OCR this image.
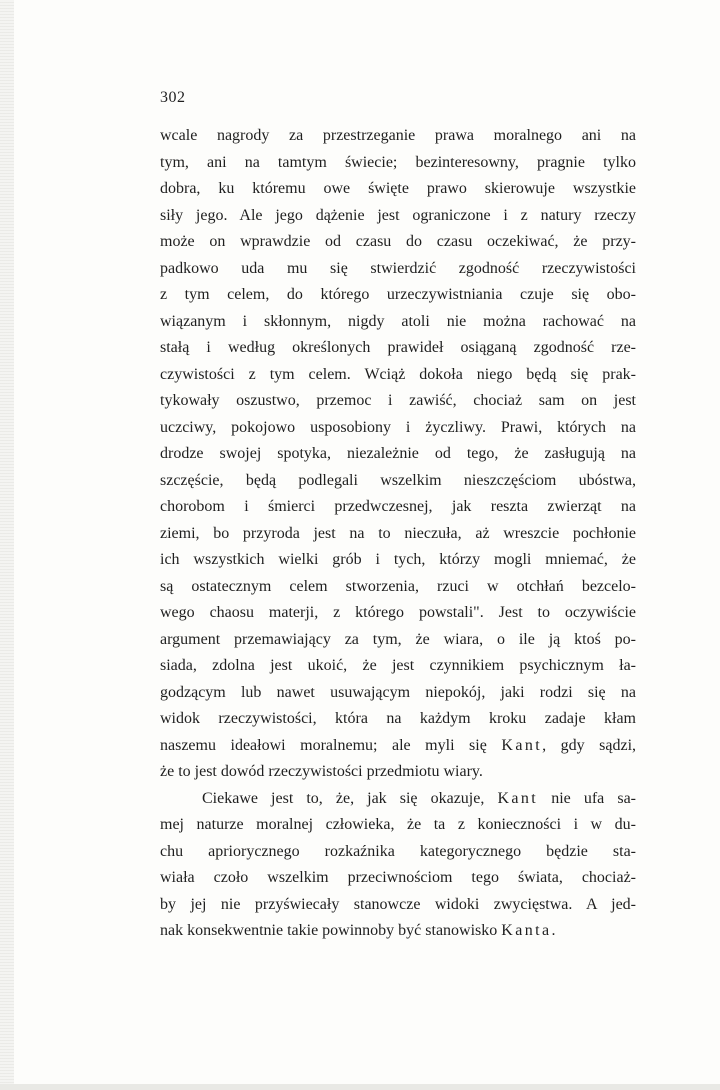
302
wcale nagrody za przestrzeganie prawa moralnego ani na
tym, ani na tamtym świecie; bezinteresowny, pragnie tylko
dobra, ku któremu owe święte prawo skierowuje wszystkie
siły jego. Ale jego dążenie jest ograniczone i z natury rzeczy
może on wprawdzie od czasu do czasu oczekiwać, że przy-
padkowo uda mu się stwierdzić zgodność rzeczywistości
z tym celem, do którego urzeczywistniania czuje się obo-
wiązanym i skłonnym, nigdy atoli nie można rachować na
stałą i według określonych prawideł osiąganą zgodność rze-
czywistości z tym celem. Wciąż dokoła niego będą się prak-
tykowały oszustwo, przemoc i zawiść, chociaż sam on jest
uczciwy, pokojowo usposobiony i życzliwy. Prawi, których na
drodze swojej spotyka, niezależnie od tego, że zasługują na
szczęście, będą podlegali wszelkim nieszczęściom ubóstwa,
chorobom i śmierci przedwczesnej, jak reszta zwierząt na
ziemi, bo przyroda jest na to nieczuła, aż wreszcie pochłonie
ich wszystkich wielki grób i tych, którzy mogli mniemać, że
są ostatecznym celem stworzenia, rzuci w otchłań bezcelo-
wego chaosu materji, z którego powstali". Jest to oczywiście
argument przemawiający za tym, że wiara, o ile ją ktoś po-
siada, zdolna jest ukoić, że jest czynnikiem psychicznym ła-
godzącym lub nawet usuwającym niepokój, jaki rodzi się na
widok rzeczywistości, która na każdym kroku zadaje kłam
naszemu ideałowi moralnemu; ale myli się Kant, gdy sądzi,
że to jest dowód rzeczywistości przedmiotu wiary.
Ciekawe jest to, że, jak się okazuje, Kant nie ufa sa-
mej naturze moralnej człowieka, że ta z konieczności i w du-
chu apriorycznego rozkaźnika kategorycznego będzie sta-
wiała czoło wszelkim przeciwnościom tego świata, chociaż-
by jej nie przyświecały stanowcze widoki zwycięstwa. A jed-
nak konsekwentnie takie powinnoby być stanowisko Kanta.
